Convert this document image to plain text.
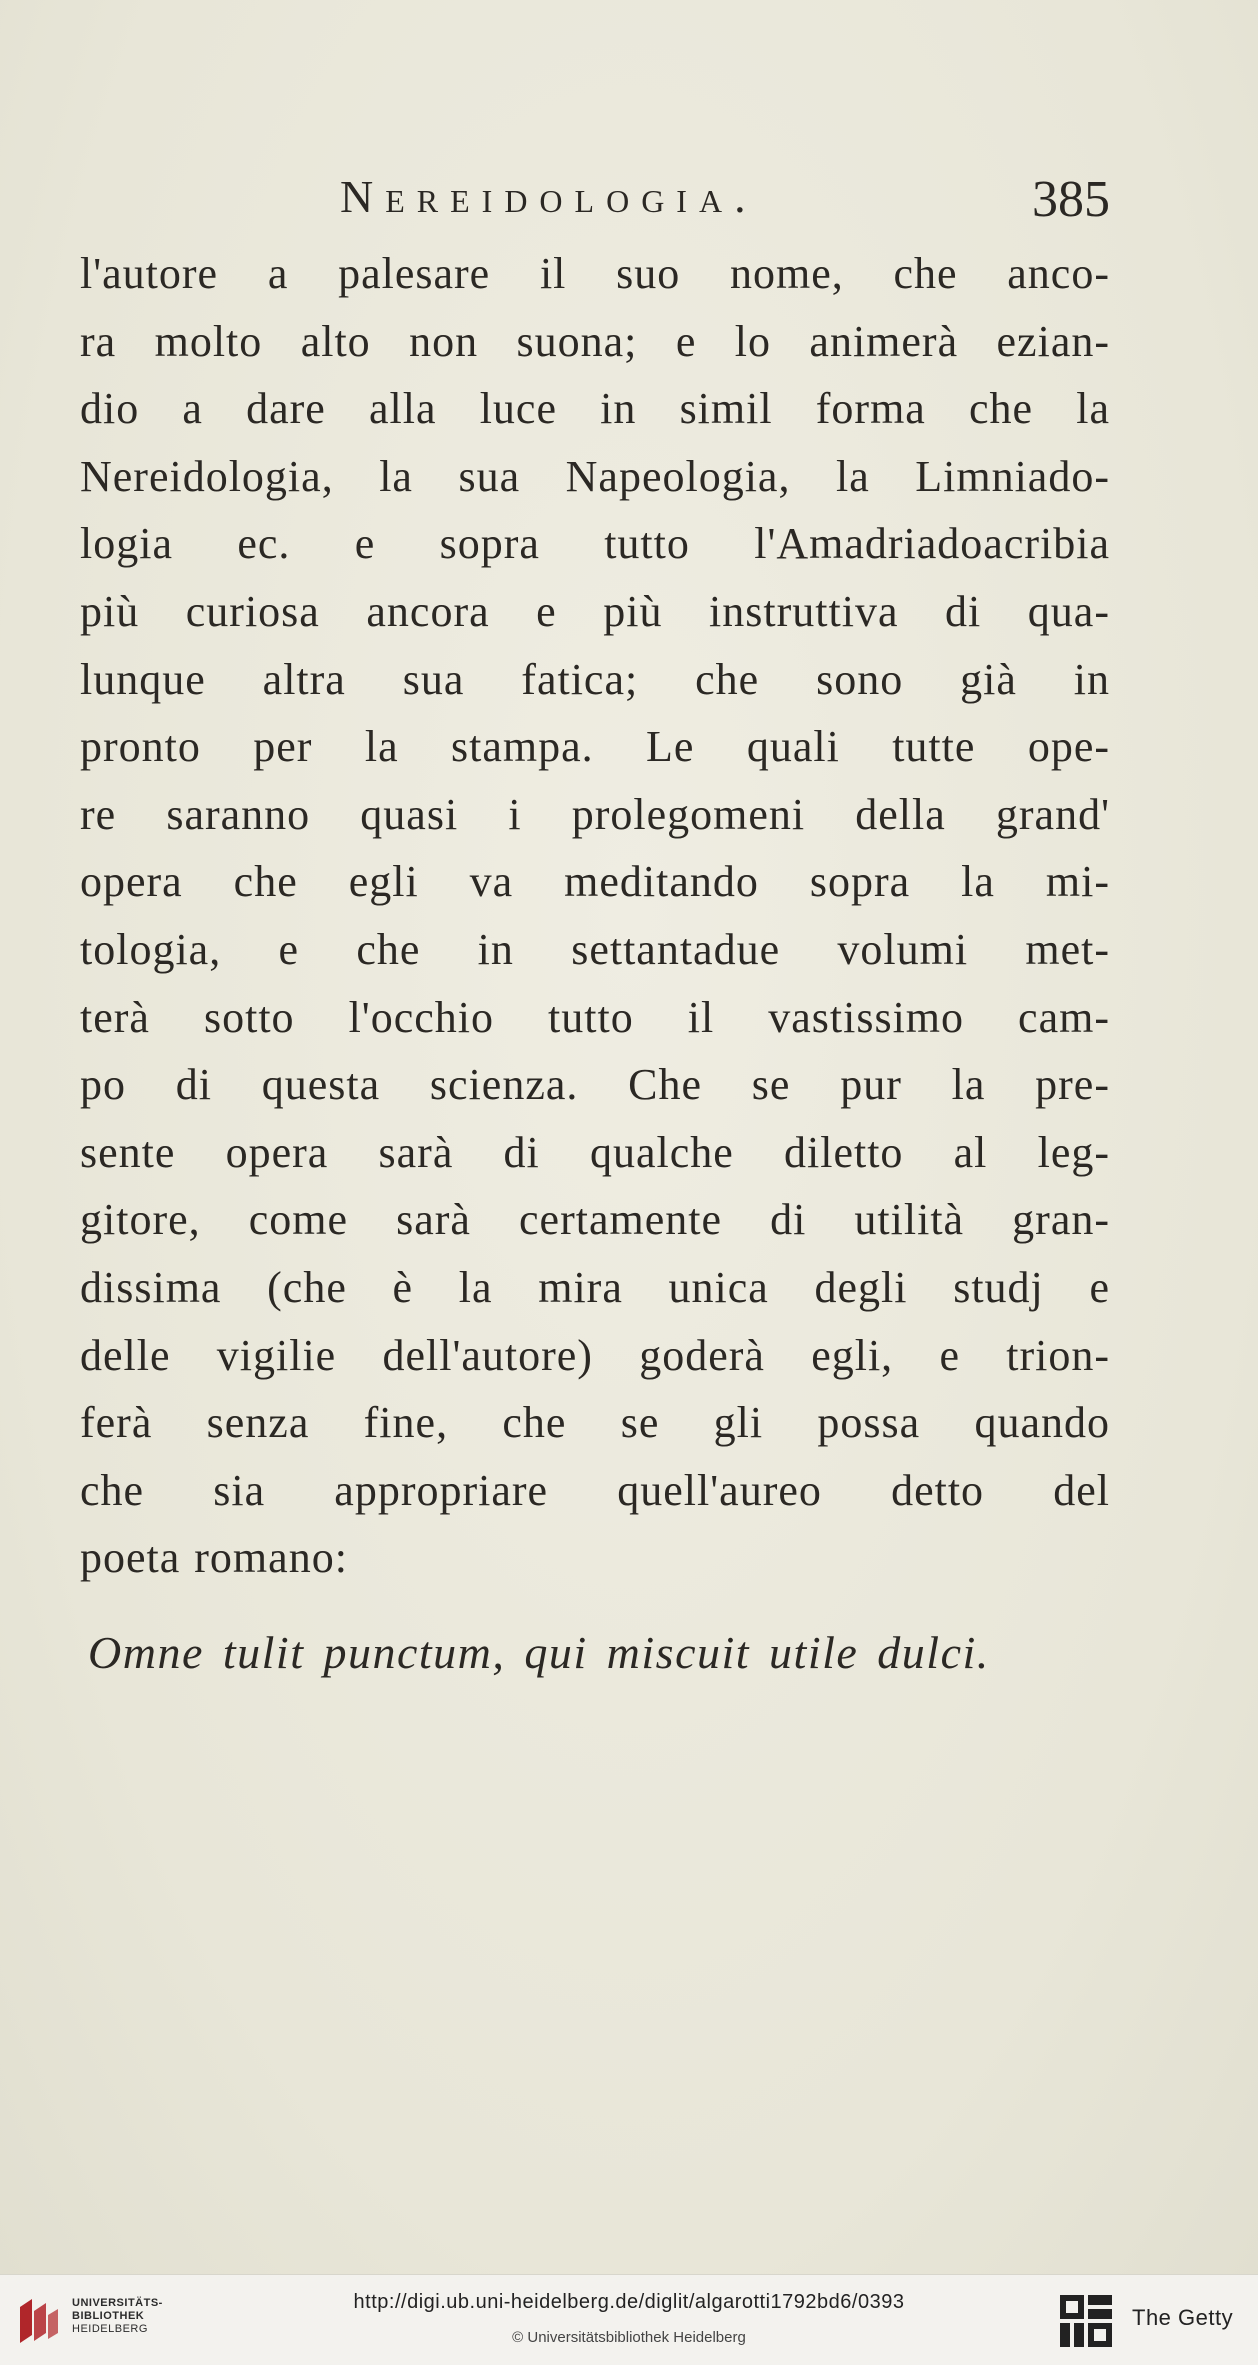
Nereidologia.	385
l'autore a palesare il suo nome, che anco-
ra molto alto non suona; e lo animerà ezian-
dio a dare alla luce in simil forma che la
Nereidologia, la sua Napeologia, la Limniado-
logia ec. e sopra tutto l'Amadriadoacribia
più curiosa ancora e più instruttiva di qua-
lunque altra sua fatica; che sono già in
pronto per la stampa. Le quali tutte ope-
re saranno quasi i prolegomeni della grand'
opera che egli va meditando sopra la mi-
tologia, e che in settantadue volumi met-
terà sotto l'occhio tutto il vastissimo cam-
po di questa scienza. Che se pur la pre-
sente opera sarà di qualche diletto al leg-
gitore, come sarà certamente di utilità gran-
dissima (che è la mira unica degli studj e
delle vigilie dell'autore) goderà egli, e trion-
ferà senza fine, che se gli possa quando
che sia appropriare quell'aureo detto del
poeta romano:
Omne tulit punctum, qui miscuit utile dulci.
UNIVERSITÄTS-
BIBLIOTHEK
HEIDELBERG
http://digi.ub.uni-heidelberg.de/diglit/algarotti1792bd6/0393
© Universitätsbibliothek Heidelberg
The Getty
